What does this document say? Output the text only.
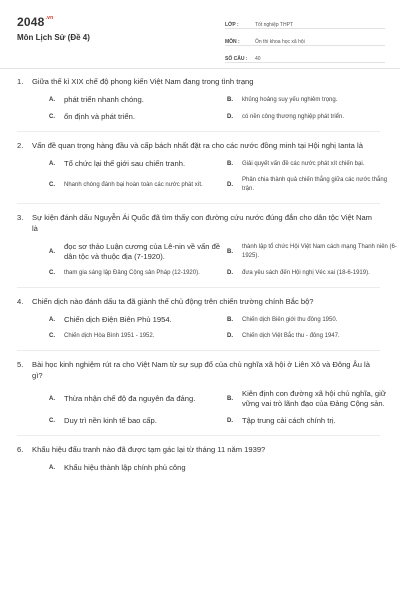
$2048^{.vn}$
Môn Lịch Sử (Đề 4)
LỚP :	Tốt nghiệp THPT
MÔN :	Ôn thi khoa học xã hội
SỐ CÂU :	40
1.	Giữa thế kỉ XIX chế độ phong kiến Việt Nam đang trong tình trạng
A.	phát triển nhanh chóng.	B.	khủng hoảng suy yếu nghiêm trọng.
C.	ổn định và phát triển.	D.	có nền công thương nghiệp phát triển.
2.	Vấn đề quan trọng hàng đầu và cấp bách nhất đặt ra cho các nước đồng minh tại Hội nghị Ianta là
A.	Tổ chức lại thế giới sau chiến tranh.	B.	Giải quyết vấn đề các nước phát xít chiến bại.
C.	Nhanh chóng đánh bại hoàn toàn các nước phát xít.	D.
Phân chia thành quả chiến thắng giữa các nước thắng trận.
3.	Sự kiện đánh dấu Nguyễn Ái Quốc đã tìm thấy con đường cứu nước đúng đắn cho dân tộc Việt Nam là
A.
đọc sơ thảo Luận cương của Lê-nin về vấn đề dân tộc và thuộc địa (7-1920).
B.
thành lập tổ chức Hội Việt Nam cách mạng Thanh niên (6-1925).
C.	tham gia sáng lập Đảng Cộng sản Pháp (12-1920).	D.	đưa yêu sách đến Hội nghị Véc xai (18-6-1919).
4.	Chiến dịch nào đánh dấu ta đã giành thế chủ động trên chiến trường chính Bắc bộ?
A.	Chiến dịch Điện Biên Phủ 1954.	B.	Chiến dịch Biên giới thu đông 1950.
C.	Chiến dịch Hòa Bình 1951 - 1952.	D.	Chiến dịch Việt Bắc thu - đông 1947.
5.	Bài học kinh nghiệm rút ra cho Việt Nam từ sự sụp đổ của chủ nghĩa xã hội ở Liên Xô và Đông Âu là gì?
A.	Thừa nhận chế độ đa nguyên đa đảng.	B.
Kiên định con đường xã hội chủ nghĩa, giữ vững vai trò lãnh đạo của Đảng Cộng sản.
C.	Duy trì nền kinh tế bao cấp.	D.	Tập trung cải cách chính trị.
6.	Khẩu hiệu đấu tranh nào đã được tạm gác lại từ tháng 11 năm 1939?
A.	Khẩu hiệu thành lập chính phủ công
